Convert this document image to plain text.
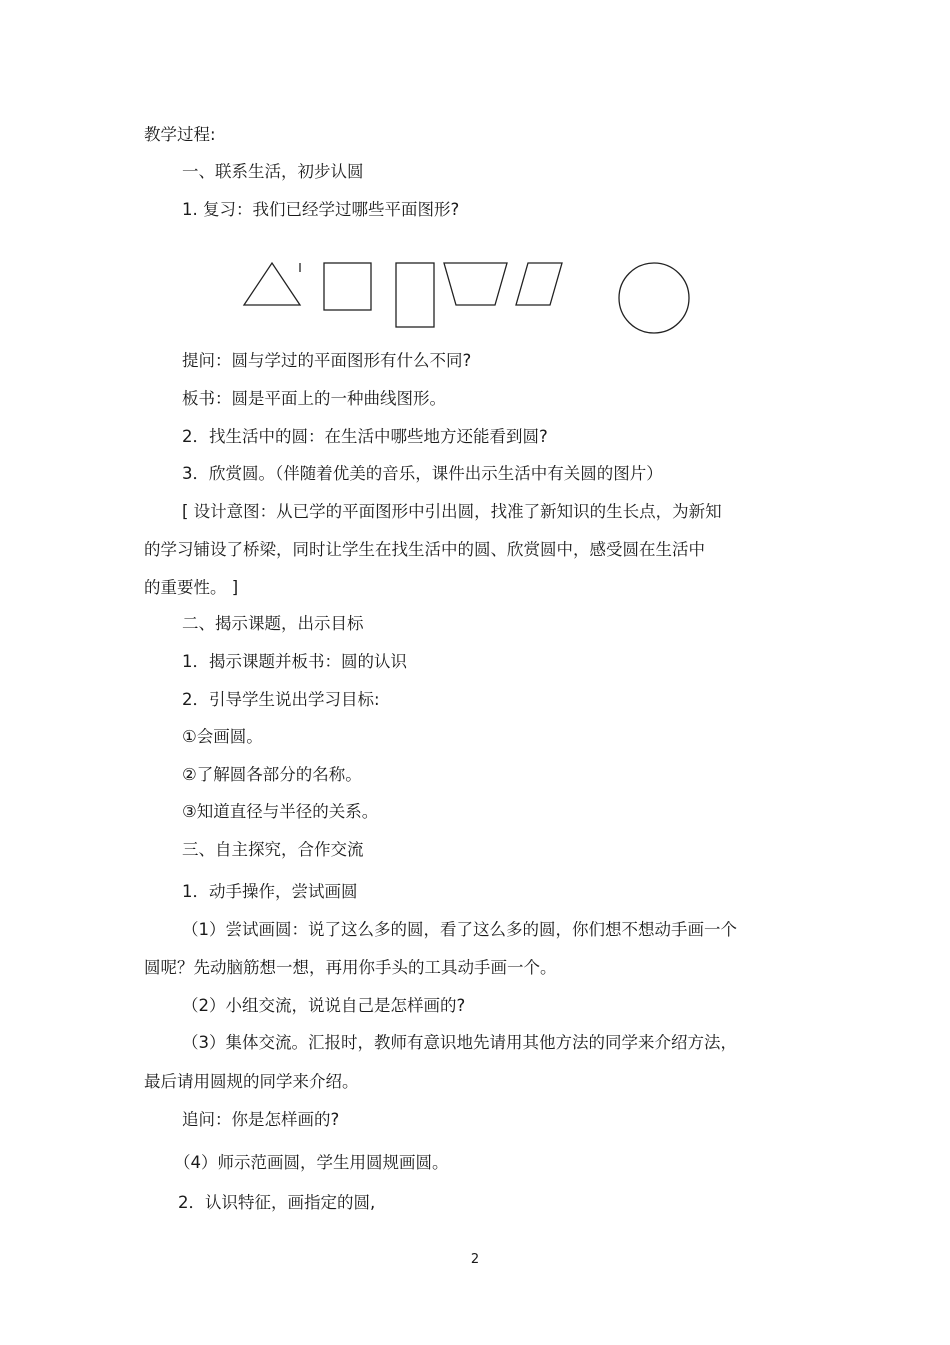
教学过程:
一、联系生活，初步认圆
1. 复习：我们已经学过哪些平面图形?
提问：圆与学过的平面图形有什么不同?
板书：圆是平面上的一种曲线图形。
2．找生活中的圆：在生活中哪些地方还能看到圆?
3．欣赏圆。（伴随着优美的音乐，课件出示生活中有关圆的图片）
[ 设计意图：从已学的平面图形中引出圆，找准了新知识的生长点，为新知
的学习铺设了桥梁，同时让学生在找生活中的圆、欣赏圆中，感受圆在生活中
的重要性。 ]
二、揭示课题，出示目标
1．揭示课题并板书：圆的认识
2．引导学生说出学习目标:
①会画圆。
②了解圆各部分的名称。
③知道直径与半径的关系。
三、自主探究，合作交流
1．动手操作，尝试画圆
（1）尝试画圆：说了这么多的圆，看了这么多的圆，你们想不想动手画一个
圆呢？先动脑筋想一想，再用你手头的工具动手画一个。
（2）小组交流，说说自己是怎样画的?
（3）集体交流。汇报时，教师有意识地先请用其他方法的同学来介绍方法，
最后请用圆规的同学来介绍。
追问：你是怎样画的?
（4）师示范画圆，学生用圆规画圆。
2．认识特征，画指定的圆,
2
